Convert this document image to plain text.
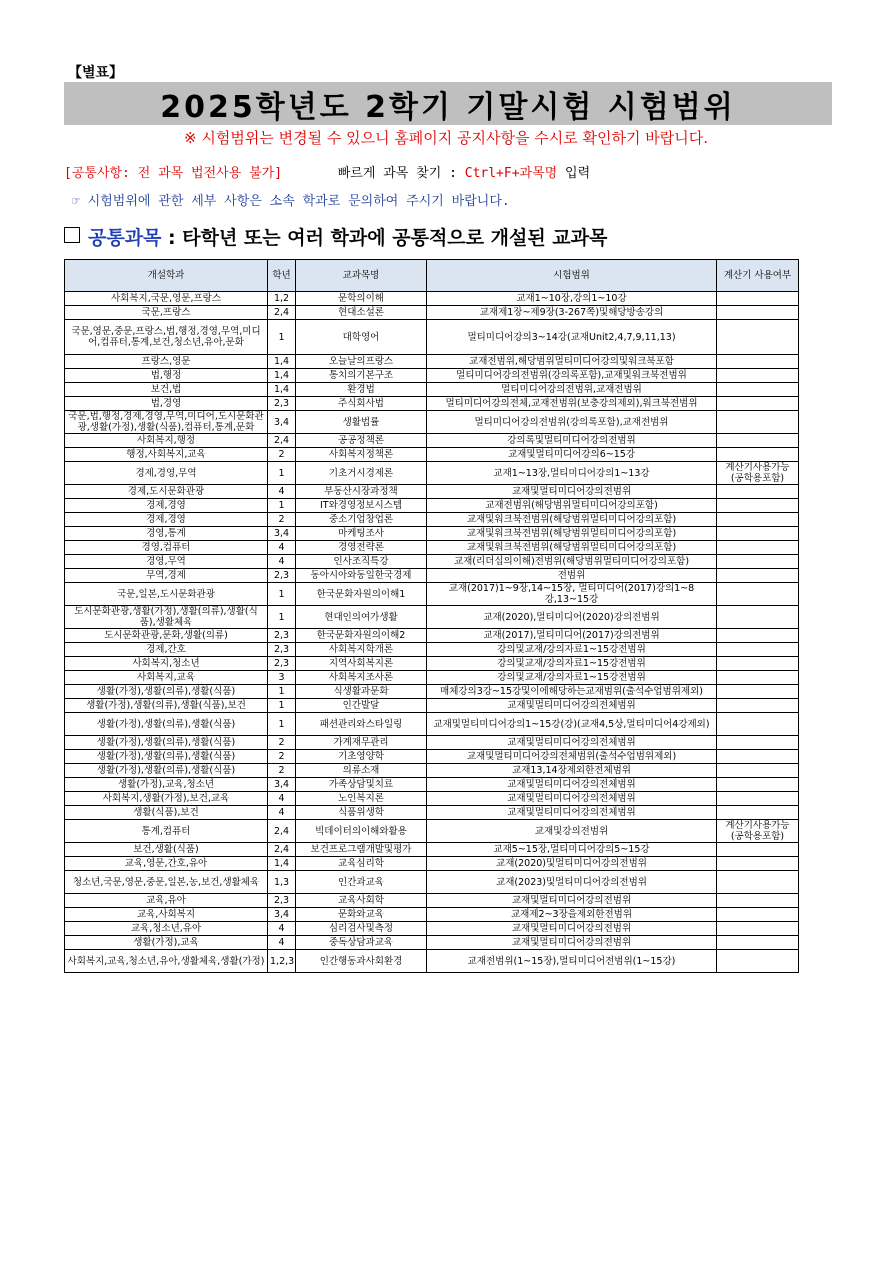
【별표】
2025학년도 2학기 기말시험 시험범위
※ 시험범위는 변경될 수 있으니 홈페이지 공지사항을 수시로 확인하기 바랍니다.
[공통사항: 전 과목 법전사용 불가]	빠르게 과목 찾기 : Ctrl+F+과목명 입력
☞ 시험범위에 관한 세부 사항은 소속 학과로 문의하여 주시기 바랍니다.
공통과목 : 타학년 또는 여러 학과에 공통적으로 개설된 교과목
개설학과	학년	교과목명	시험범위	계산기 사용여부
사회복지,국문,영문,프랑스	1,2	문학의이해	교재1~10장,강의1~10강	
국문,프랑스	2,4	현대소설론	교재제1장~제9장(3-267쪽)및해당방송강의	
국문,영문,중문,프랑스,법,행정,경영,무역,미디어,컴퓨터,통계,보건,청소년,유아,문화	1	대학영어	멀티미디어강의3~14강(교재Unit2,4,7,9,11,13)	
프랑스,영문	1,4	오늘날의프랑스	교재전범위,해당범위멀티미디어강의및워크북포함	
법,행정	1,4	통치의기본구조	멀티미디어강의전범위(강의록포함),교재및워크북전범위	
보건,법	1,4	환경법	멀티미디어강의전범위,교재전범위	
법,경영	2,3	주식회사법	멀티미디어강의전체,교재전범위(보충강의제외),워크북전범위	
국문,법,행정,경제,경영,무역,미디어,도시문화관광,생활(가정),생활(식품),컴퓨터,통계,문화	3,4	생활법률	멀티미디어강의전범위(강의록포함),교재전범위	
사회복지,행정	2,4	공공정책론	강의록및멀티미디어강의전범위	
행정,사회복지,교육	2	사회복지정책론	교재및멀티미디어강의6~15강	
경제,경영,무역	1	기초거시경제론	교재1~13장,멀티미디어강의1~13강	계산기사용가능(공학용포함)
경제,도시문화관광	4	부동산시장과정책	교재및멀티미디어강의전범위	
경제,경영	1	IT와경영정보시스템	교재전범위(해당범위멀티미디어강의포함)	
경제,경영	2	중소기업창업론	교재및워크북전범위(해당범위멀티미디어강의포함)	
경영,통계	3,4	마케팅조사	교재및워크북전범위(해당범위멀티미디어강의포함)	
경영,컴퓨터	4	경영전략론	교재및워크북전범위(해당범위멀티미디어강의포함)	
경영,무역	4	인사조직특강	교재(리더십의이해)전범위(해당범위멀티미디어강의포함)	
무역,경제	2,3	동아시아와동일한국경제	전범위	
국문,일본,도시문화관광	1	한국문화자원의이해1	교재(2017)1~9장,14~15장, 멀티미디어(2017)강의1~8강,13~15강	
도시문화관광,생활(가정),생활(의류),생활(식품),생활체육	1	현대인의여가생활	교재(2020),멀티미디어(2020)강의전범위	
도시문화관광,문화,생활(의류)	2,3	한국문화자원의이해2	교재(2017),멀티미디어(2017)강의전범위	
경제,간호	2,3	사회복지학개론	강의및교재/강의자료1~15강전범위	
사회복지,청소년	2,3	지역사회복지론	강의및교재/강의자료1~15강전범위	
사회복지,교육	3	사회복지조사론	강의및교재/강의자료1~15강전범위	
생활(가정),생활(의류),생활(식품)	1	식생활과문화	매체강의3강~15강및이에해당하는교재범위(출석수업범위제외)	
생활(가정),생활(의류),생활(식품),보건	1	인간발달	교재및멀티미디어강의전체범위	
생활(가정),생활(의류),생활(식품)	1	패션관리와스타일링	교재및멀티미디어강의1~15강(강)(교재4,5상,멀티미디어4강제외)	
생활(가정),생활(의류),생활(식품)	2	가계재무관리	교재및멀티미디어강의전체범위	
생활(가정),생활(의류),생활(식품)	2	기초영양학	교재및멀티미디어강의전체범위(출석수업범위제외)	
생활(가정),생활(의류),생활(식품)	2	의류소재	교재13,14장제외한전체범위	
생활(가정),교육,청소년	3,4	가족상담및치료	교재및멀티미디어강의전체범위	
사회복지,생활(가정),보건,교육	4	노인복지론	교재및멀티미디어강의전체범위	
생활(식품),보건	4	식품위생학	교재및멀티미디어강의전체범위	
통계,컴퓨터	2,4	빅데이터의이해와활용	교재및강의전범위	계산기사용가능(공학용포함)
보건,생활(식품)	2,4	보건프로그램개발및평가	교재5~15장,멀티미디어강의5~15강	
교육,영문,간호,유아	1,4	교육심리학	교재(2020)및멀티미디어강의전범위	
청소년,국문,영문,중문,일본,농,보건,생활체육	1,3	인간과교육	교재(2023)및멀티미디어강의전범위	
교육,유아	2,3	교육사회학	교재및멀티미디어강의전범위	
교육,사회복지	3,4	문화와교육	교재제2~3장을제외한전범위	
교육,청소년,유아	4	심리검사및측정	교재및멀티미디어강의전범위	
생활(가정),교육	4	중독상담과교육	교재및멀티미디어강의전범위	
사회복지,교육,청소년,유아,생활체육,생활(가정)	1,2,3	인간행동과사회환경	교재전범위(1~15장),멀티미디어전범위(1~15강)	
